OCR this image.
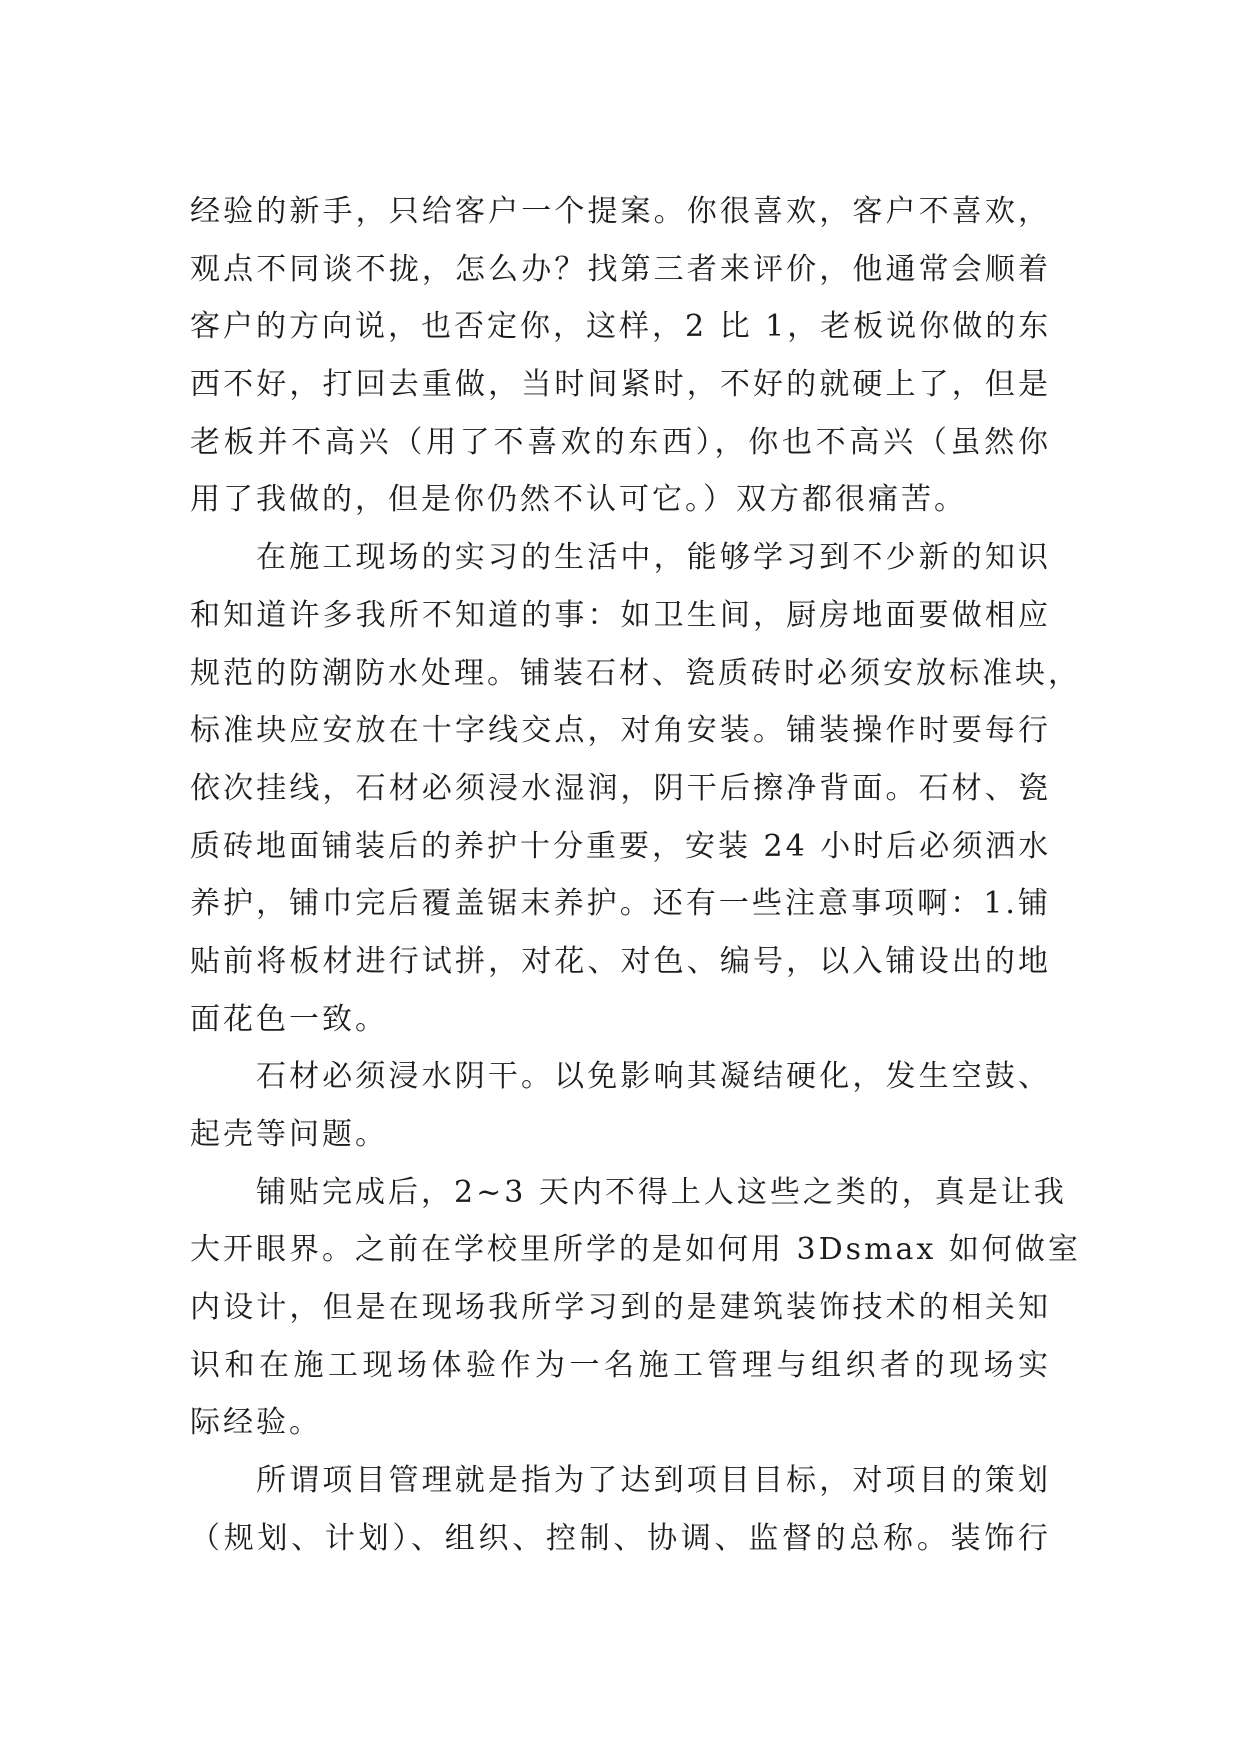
经验的新手，只给客户一个提案。你很喜欢，客户不喜欢，
观点不同谈不拢，怎么办？找第三者来评价，他通常会顺着
客户的方向说，也否定你，这样，2 比 1，老板说你做的东
西不好，打回去重做，当时间紧时，不好的就硬上了，但是
老板并不高兴（用了不喜欢的东西），你也不高兴（虽然你
用了我做的，但是你仍然不认可它。）双方都很痛苦。
在施工现场的实习的生活中，能够学习到不少新的知识
和知道许多我所不知道的事：如卫生间，厨房地面要做相应
规范的防潮防水处理。铺装石材、瓷质砖时必须安放标准块，
标准块应安放在十字线交点，对角安装。铺装操作时要每行
依次挂线，石材必须浸水湿润，阴干后擦净背面。石材、瓷
质砖地面铺装后的养护十分重要，安装 24 小时后必须洒水
养护，铺巾完后覆盖锯末养护。还有一些注意事项啊：1.铺
贴前将板材进行试拼，对花、对色、编号，以入铺设出的地
面花色一致。
石材必须浸水阴干。以免影响其凝结硬化，发生空鼓、
起壳等问题。
铺贴完成后，2~3 天内不得上人这些之类的，真是让我
大开眼界。之前在学校里所学的是如何用 3Dsmax 如何做室
内设计，但是在现场我所学习到的是建筑装饰技术的相关知
识和在施工现场体验作为一名施工管理与组织者的现场实
际经验。
所谓项目管理就是指为了达到项目目标，对项目的策划
（规划、计划）、组织、控制、协调、监督的总称。装饰行
